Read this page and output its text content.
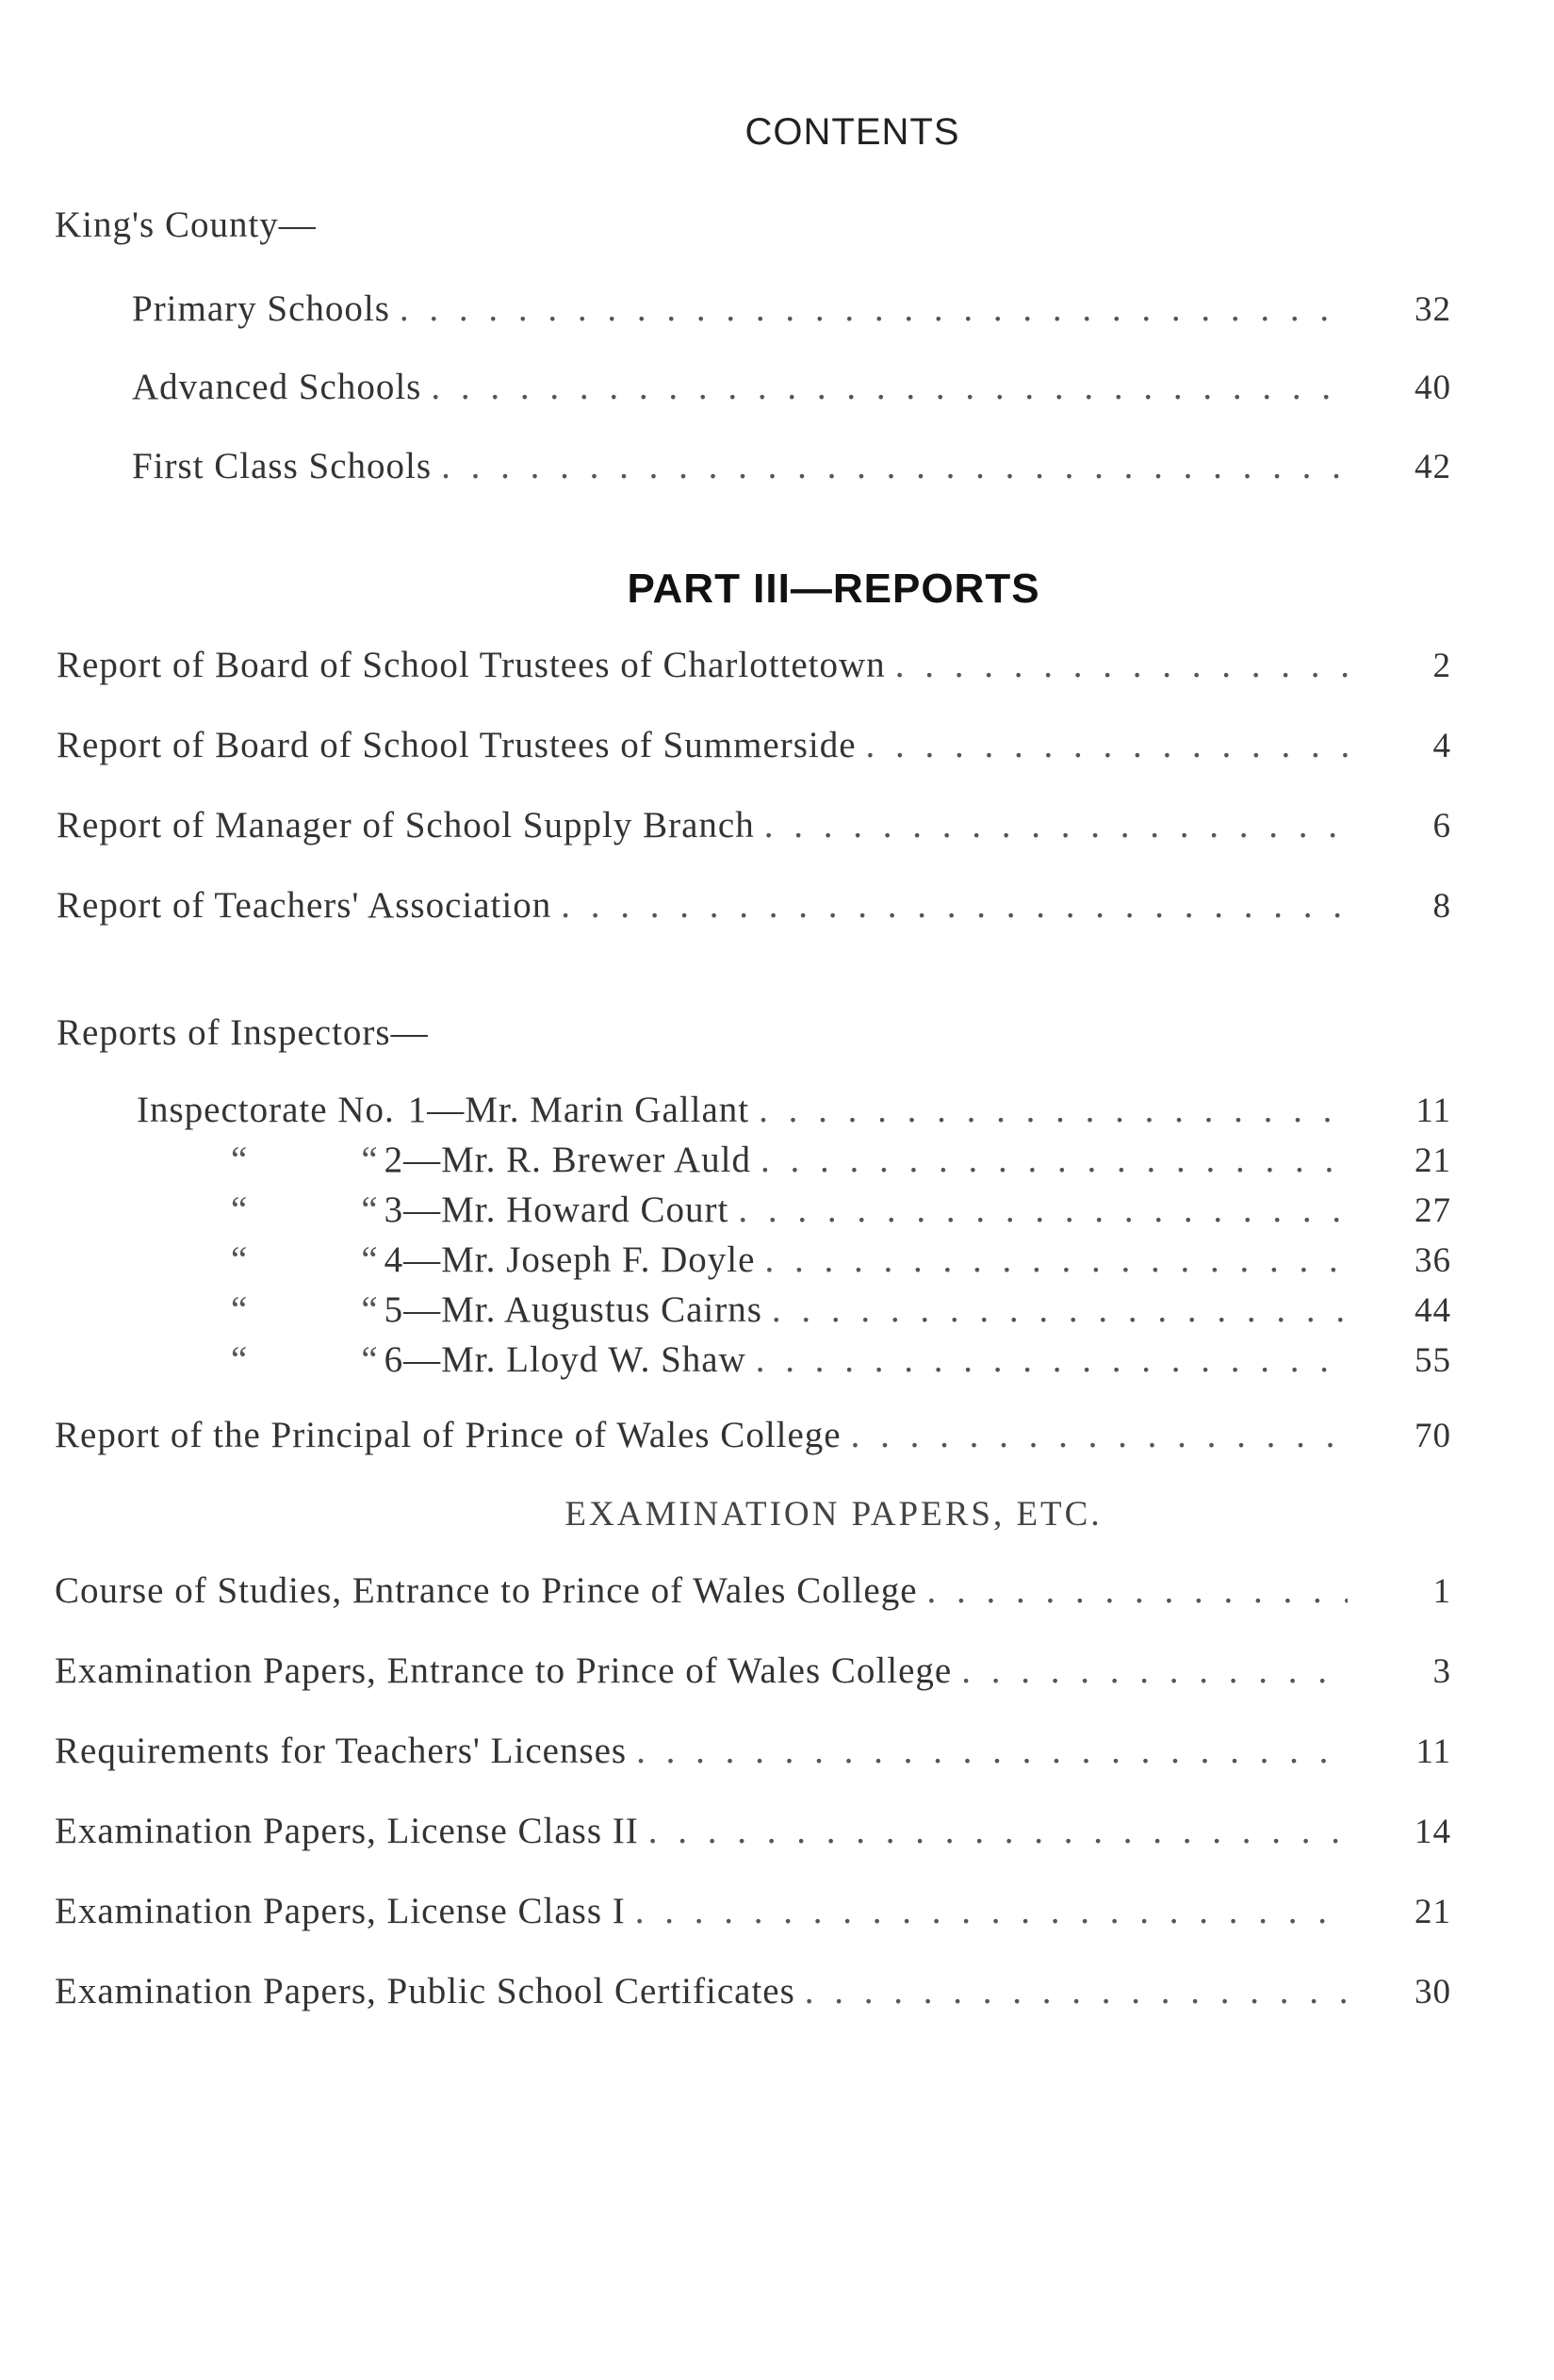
CONTENTS
King's County—
Primary Schools . . .	32
Advanced Schools . . .	40
First Class Schools . . .	42
PART III—REPORTS
Report of Board of School Trustees of Charlottetown . . .	2
Report of Board of School Trustees of Summerside . . .	4
Report of Manager of School Supply Branch . . .	6
Report of Teachers' Association . . .	8
Reports of Inspectors—
Inspectorate No. 1—Mr. Marin Gallant . . .	11
“	“ 2—Mr. R. Brewer Auld . . .	21
“	“ 3—Mr. Howard Court . . .	27
“	“ 4—Mr. Joseph F. Doyle . . .	36
“	“ 5—Mr. Augustus Cairns . . .	44
“	“ 6—Mr. Lloyd W. Shaw . . .	55
Report of the Principal of Prince of Wales College . . .	70
EXAMINATION PAPERS, ETC.
Course of Studies, Entrance to Prince of Wales College . . .	1
Examination Papers, Entrance to Prince of Wales College . . .	3
Requirements for Teachers' Licenses . . .	11
Examination Papers, License Class II . . .	14
Examination Papers, License Class I . . .	21
Examination Papers, Public School Certificates . . .	30
